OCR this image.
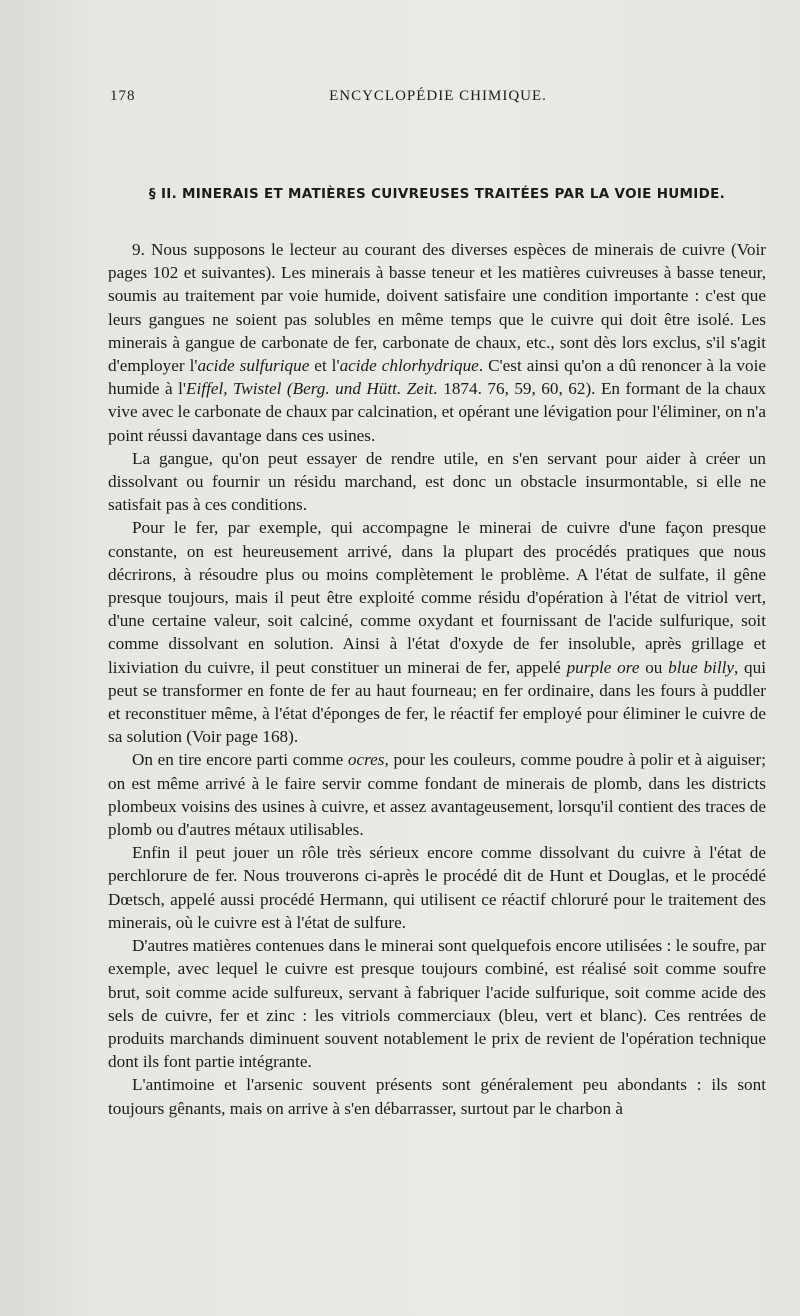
178	ENCYCLOPÉDIE CHIMIQUE.
§ II. MINERAIS ET MATIÈRES CUIVREUSES TRAITÉES PAR LA VOIE HUMIDE.

9. Nous supposons le lecteur au courant des diverses espèces de minerais de cuivre (Voir pages 102 et suivantes). Les minerais à basse teneur et les matières cuivreuses à basse teneur, soumis au traitement par voie humide, doivent satisfaire une condition importante : c'est que leurs gangues ne soient pas solubles en même temps que le cuivre qui doit être isolé. Les minerais à gangue de carbonate de fer, carbonate de chaux, etc., sont dès lors exclus, s'il s'agit d'employer l'acide sulfurique et l'acide chlorhydrique. C'est ainsi qu'on a dû renoncer à la voie humide à l'Eiffel, Twistel (Berg. und Hütt. Zeit. 1874. 76, 59, 60, 62). En formant de la chaux vive avec le carbonate de chaux par calcination, et opérant une lévigation pour l'éliminer, on n'a point réussi davantage dans ces usines.

La gangue, qu'on peut essayer de rendre utile, en s'en servant pour aider à créer un dissolvant ou fournir un résidu marchand, est donc un obstacle insurmontable, si elle ne satisfait pas à ces conditions.

Pour le fer, par exemple, qui accompagne le minerai de cuivre d'une façon presque constante, on est heureusement arrivé, dans la plupart des procédés pratiques que nous décrirons, à résoudre plus ou moins complètement le problème. A l'état de sulfate, il gêne presque toujours, mais il peut être exploité comme résidu d'opération à l'état de vitriol vert, d'une certaine valeur, soit calciné, comme oxydant et fournissant de l'acide sulfurique, soit comme dissolvant en solution. Ainsi à l'état d'oxyde de fer insoluble, après grillage et lixiviation du cuivre, il peut constituer un minerai de fer, appelé purple ore ou blue billy, qui peut se transformer en fonte de fer au haut fourneau; en fer ordinaire, dans les fours à puddler et reconstituer même, à l'état d'éponges de fer, le réactif fer employé pour éliminer le cuivre de sa solution (Voir page 168).

On en tire encore parti comme ocres, pour les couleurs, comme poudre à polir et à aiguiser; on est même arrivé à le faire servir comme fondant de minerais de plomb, dans les districts plombeux voisins des usines à cuivre, et assez avantageusement, lorsqu'il contient des traces de plomb ou d'autres métaux utilisables.

Enfin il peut jouer un rôle très sérieux encore comme dissolvant du cuivre à l'état de perchlorure de fer. Nous trouverons ci-après le procédé dit de Hunt et Douglas, et le procédé Dœtsch, appelé aussi procédé Hermann, qui utilisent ce réactif chloruré pour le traitement des minerais, où le cuivre est à l'état de sulfure.

D'autres matières contenues dans le minerai sont quelquefois encore utilisées : le soufre, par exemple, avec lequel le cuivre est presque toujours combiné, est réalisé soit comme soufre brut, soit comme acide sulfureux, servant à fabriquer l'acide sulfurique, soit comme acide des sels de cuivre, fer et zinc : les vitriols commerciaux (bleu, vert et blanc). Ces rentrées de produits marchands diminuent souvent notablement le prix de revient de l'opération technique dont ils font partie intégrante.

L'antimoine et l'arsenic souvent présents sont généralement peu abondants : ils sont toujours gênants, mais on arrive à s'en débarrasser, surtout par le charbon à
